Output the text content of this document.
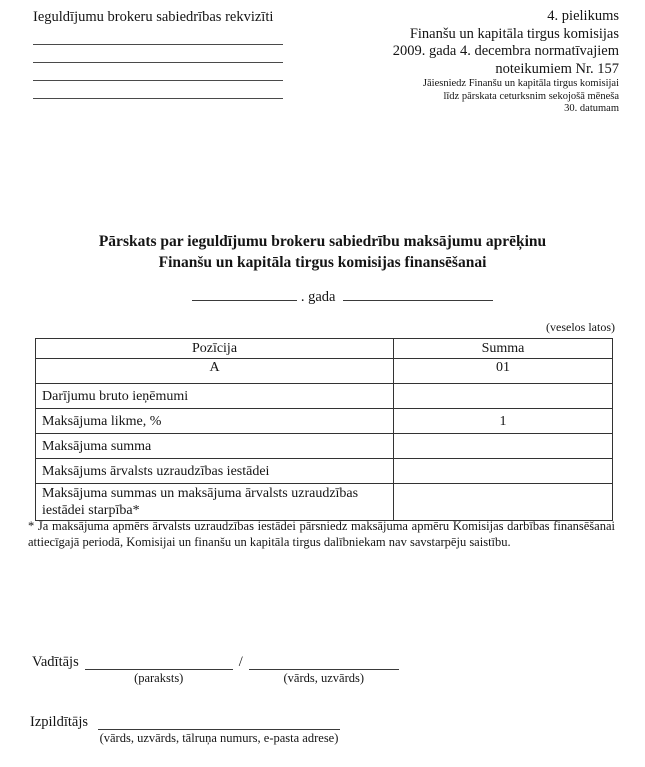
Ieguldījumu brokeru sabiedrības rekvizīti	4. pielikums
Finanšu un kapitāla tirgus komisijas
2009. gada 4. decembra normatīvajiem
noteikumiem Nr. 157
Jāiesniedz Finanšu un kapitāla tirgus komisijai
līdz pārskata ceturksnim sekojošā mēneša
30. datumam
Pārskats par ieguldījumu brokeru sabiedrību maksājumu aprēķinu
Finanšu un kapitāla tirgus komisijas finansēšanai
. gada
(veselos latos)
Pozīcija	Summa
A	01
Darījumu bruto ieņēmumi	
Maksājuma likme, %	1
Maksājuma summa	
Maksājums ārvalsts uzraudzības iestādei	
Maksājuma summas un maksājuma ārvalsts uzraudzības iestādei starpība*	
* Ja maksājuma apmērs ārvalsts uzraudzības iestādei pārsniedz maksājuma apmēru Komisijas darbības finansēšanai attiecīgajā periodā, Komisijai un finanšu un kapitāla tirgus dalībniekam nav savstarpēju saistību.
Vadītājs

(paraksts)
/

(vārds, uzvārds)
Izpildītājs

(vārds, uzvārds, tālruņa numurs, e-pasta adrese)
